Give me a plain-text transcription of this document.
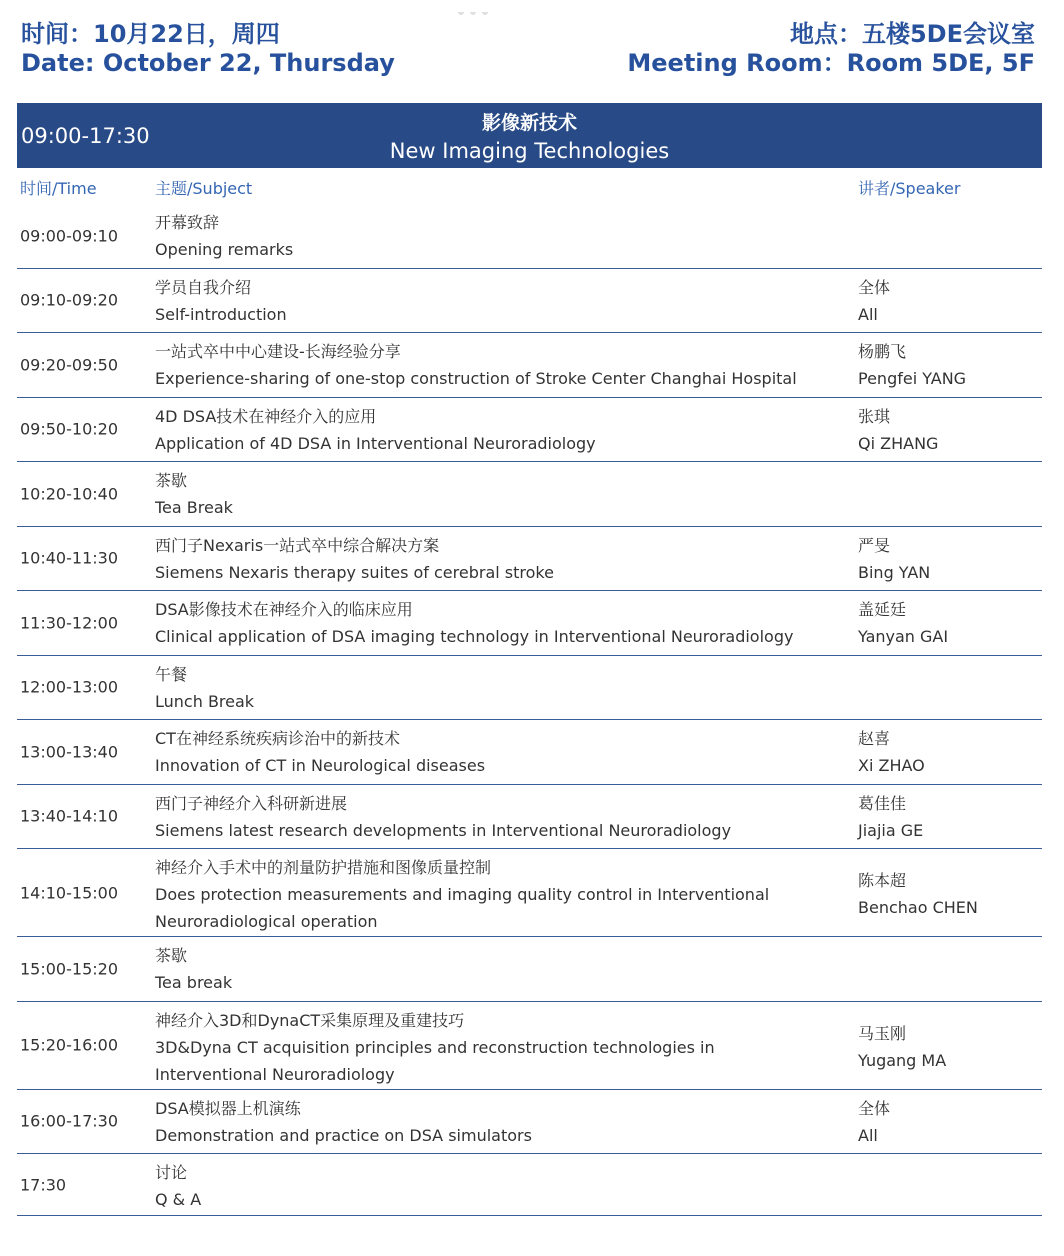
时间：10月22日，周四
Date: October 22, Thursday
地点：五楼5DE会议室
Meeting Room：Room 5DE, 5F
09:00-17:30
影像新技术
New Imaging Technologies
时间/Time	主题/Subject	讲者/Speaker
09:00-09:10
开幕致辞
Opening remarks
09:10-09:20
学员自我介绍
Self-introduction
全体
All
09:20-09:50
一站式卒中中心建设-长海经验分享
Experience-sharing of one-stop construction of Stroke Center Changhai Hospital
杨鹏飞
Pengfei YANG
09:50-10:20
4D DSA技术在神经介入的应用
Application of 4D DSA in Interventional Neuroradiology
张琪
Qi ZHANG
10:20-10:40
茶歇
Tea Break
10:40-11:30
西门子Nexaris一站式卒中综合解决方案
Siemens Nexaris therapy suites of cerebral stroke
严旻
Bing YAN
11:30-12:00
DSA影像技术在神经介入的临床应用
Clinical application of DSA imaging technology in Interventional Neuroradiology
盖延廷
Yanyan GAI
12:00-13:00
午餐
Lunch Break
13:00-13:40
CT在神经系统疾病诊治中的新技术
Innovation of CT in Neurological diseases
赵喜
Xi ZHAO
13:40-14:10
西门子神经介入科研新进展
Siemens latest research developments in Interventional Neuroradiology
葛佳佳
Jiajia GE
14:10-15:00
神经介入手术中的剂量防护措施和图像质量控制
Does protection measurements and imaging quality control in Interventional Neuroradiological operation
陈本超
Benchao CHEN
15:00-15:20
茶歇
Tea break
15:20-16:00
神经介入3D和DynaCT采集原理及重建技巧
3D&Dyna CT acquisition principles and reconstruction technologies in Interventional Neuroradiology
马玉刚
Yugang MA
16:00-17:30
DSA模拟器上机演练
Demonstration and practice on DSA simulators
全体
All
17:30
讨论
Q & A
